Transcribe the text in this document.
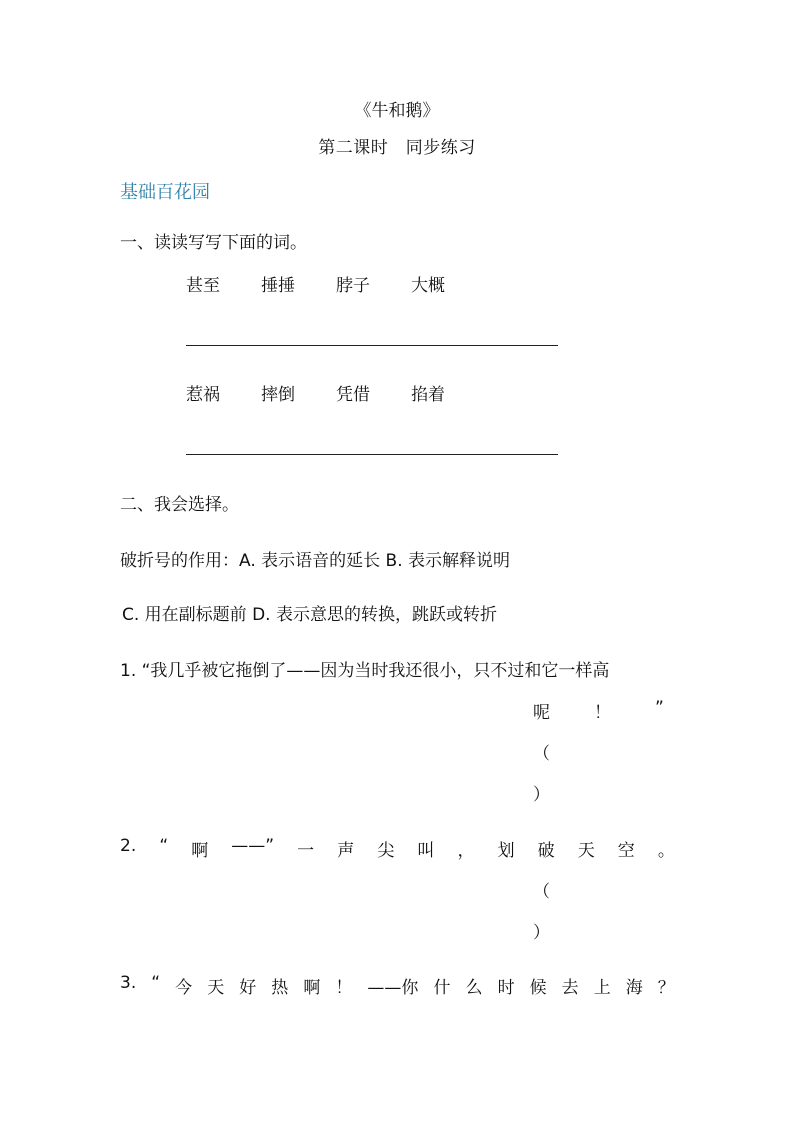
《牛和鹅》
第二课时　同步练习
基础百花园
一、读读写写下面的词。
甚至	捶捶	脖子	大概
惹祸	摔倒	凭借	掐着
二、我会选择。
破折号的作用：A. 表示语音的延长 B. 表示解释说明
C. 用在副标题前 D. 表示意思的转换，跳跃或转折
1. “我几乎被它拖倒了——因为当时我还很小，只不过和它一样高
呢	！	”
（
）
2. “ 啊 ——” 一 声 尖 叫 ， 划 破 天 空 。
（
）
3. “ 今 天 好 热 啊 ！ ——你 什 么 时 候 去 上 海 ？
